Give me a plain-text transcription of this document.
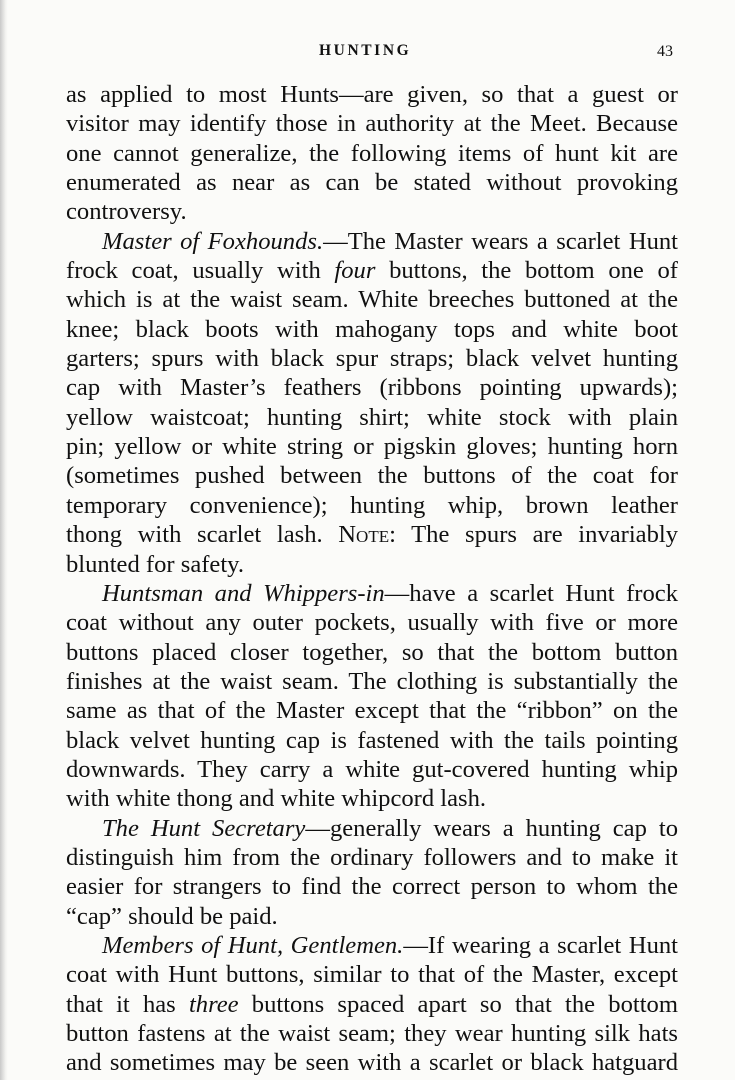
HUNTING	43
as applied to most Hunts—are given, so that a guest or
visitor may identify those in authority at the Meet. Because
one cannot generalize, the following items of hunt kit are
enumerated as near as can be stated without provoking
controversy.
Master of Foxhounds.—The Master wears a scarlet Hunt
frock coat, usually with four buttons, the bottom one of
which is at the waist seam. White breeches buttoned at the
knee; black boots with mahogany tops and white boot
garters; spurs with black spur straps; black velvet hunting
cap with Master’s feathers (ribbons pointing upwards);
yellow waistcoat; hunting shirt; white stock with plain
pin; yellow or white string or pigskin gloves; hunting horn
(sometimes pushed between the buttons of the coat for
temporary convenience); hunting whip, brown leather
thong with scarlet lash. Note: The spurs are invariably
blunted for safety.
Huntsman and Whippers-in—have a scarlet Hunt frock
coat without any outer pockets, usually with five or more
buttons placed closer together, so that the bottom button
finishes at the waist seam. The clothing is substantially the
same as that of the Master except that the “ribbon” on the
black velvet hunting cap is fastened with the tails pointing
downwards. They carry a white gut-covered hunting whip
with white thong and white whipcord lash.
The Hunt Secretary—generally wears a hunting cap to
distinguish him from the ordinary followers and to make it
easier for strangers to find the correct person to whom the
“cap” should be paid.
Members of Hunt, Gentlemen.—If wearing a scarlet Hunt
coat with Hunt buttons, similar to that of the Master, except
that it has three buttons spaced apart so that the bottom
button fastens at the waist seam; they wear hunting silk hats
and sometimes may be seen with a scarlet or black hatguard
